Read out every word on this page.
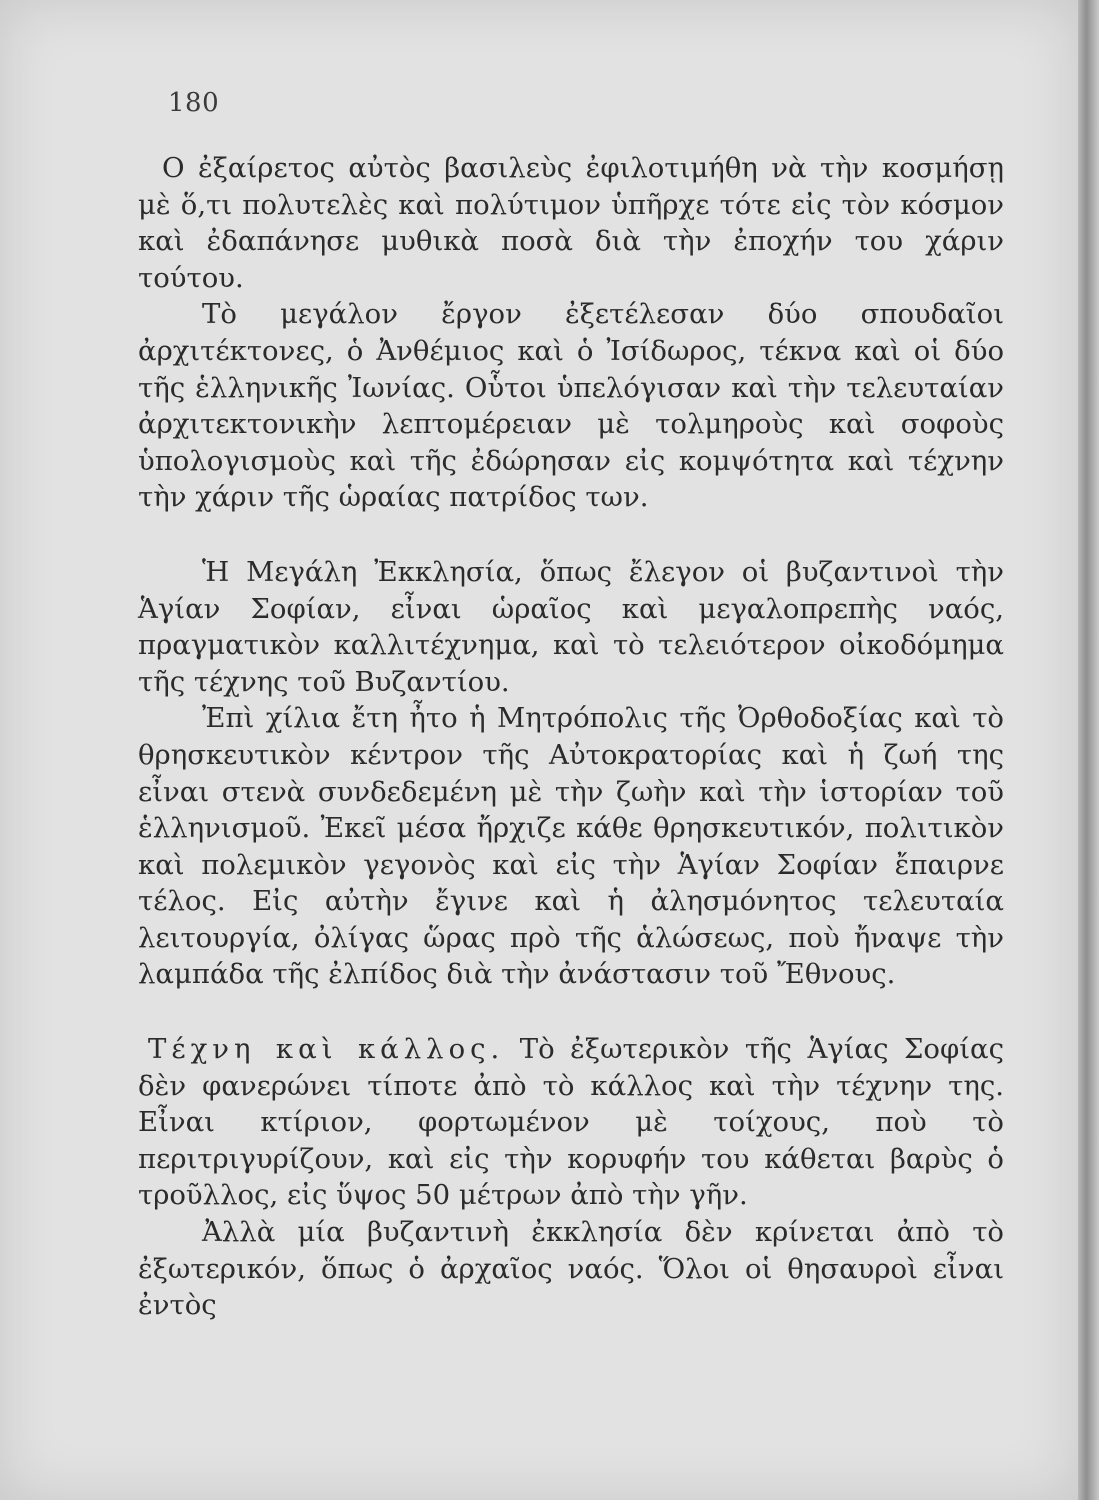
180

Ο ἐξαίρετος αὐτὸς βασιλεὺς ἐφιλοτιμήθη νὰ τὴν κοσμήσῃ μὲ ὅ,τι πολυτελὲς καὶ πολύτιμον ὑπῆρχε τότε εἰς τὸν κόσμον καὶ ἐδαπάνησε μυθικὰ ποσὰ διὰ τὴν ἐποχήν του χάριν τούτου.

Τὸ μεγάλον ἔργον ἐξετέλεσαν δύο σπουδαῖοι ἀρχιτέκτονες, ὁ Ἀνθέμιος καὶ ὁ Ἰσίδωρος, τέκνα καὶ οἱ δύο τῆς ἑλληνικῆς Ἰωνίας. Οὗτοι ὑπελόγισαν καὶ τὴν τελευταίαν ἀρχιτεκτονικὴν λεπτομέρειαν μὲ τολμηροὺς καὶ σοφοὺς ὑπολογισμοὺς καὶ τῆς ἐδώρησαν εἰς κομψότητα καὶ τέχνην τὴν χάριν τῆς ὡραίας πατρίδος των.

Ἡ Μεγάλη Ἐκκλησία, ὅπως ἔλεγον οἱ βυζαντινοὶ τὴν Ἁγίαν Σοφίαν, εἶναι ὡραῖος καὶ μεγαλοπρεπὴς ναός, πραγματικὸν καλλιτέχνημα, καὶ τὸ τελειότερον οἰκοδόμημα τῆς τέχνης τοῦ Βυζαντίου.

Ἐπὶ χίλια ἔτη ἦτο ἡ Μητρόπολις τῆς Ὀρθοδοξίας καὶ τὸ θρησκευτικὸν κέντρον τῆς Αὐτοκρατορίας καὶ ἡ ζωή της εἶναι στενὰ συνδεδεμένη μὲ τὴν ζωὴν καὶ τὴν ἱστορίαν τοῦ ἑλληνισμοῦ. Ἐκεῖ μέσα ἤρχιζε κάθε θρησκευτικόν, πολιτικὸν καὶ πολεμικὸν γεγονὸς καὶ εἰς τὴν Ἁγίαν Σοφίαν ἔπαιρνε τέλος. Εἰς αὐτὴν ἔγινε καὶ ἡ ἀλησμόνητος τελευταία λειτουργία, ὀλίγας ὥρας πρὸ τῆς ἁλώσεως, ποὺ ἤναψε τὴν λαμπάδα τῆς ἐλπίδος διὰ τὴν ἀνάστασιν τοῦ Ἔθνους.

Τέχνη καὶ κάλλος. Τὸ ἐξωτερικὸν τῆς Ἁγίας Σοφίας δὲν φανερώνει τίποτε ἀπὸ τὸ κάλλος καὶ τὴν τέχνην της. Εἶναι κτίριον, φορτωμένον μὲ τοίχους, ποὺ τὸ περιτριγυρίζουν, καὶ εἰς τὴν κορυφήν του κάθεται βαρὺς ὁ τροῦλλος, εἰς ὕψος 50 μέτρων ἀπὸ τὴν γῆν.

Ἀλλὰ μία βυζαντινὴ ἐκκλησία δὲν κρίνεται ἀπὸ τὸ ἐξωτερικόν, ὅπως ὁ ἀρχαῖος ναός. Ὅλοι οἱ θησαυροὶ εἶναι ἐντὸς
